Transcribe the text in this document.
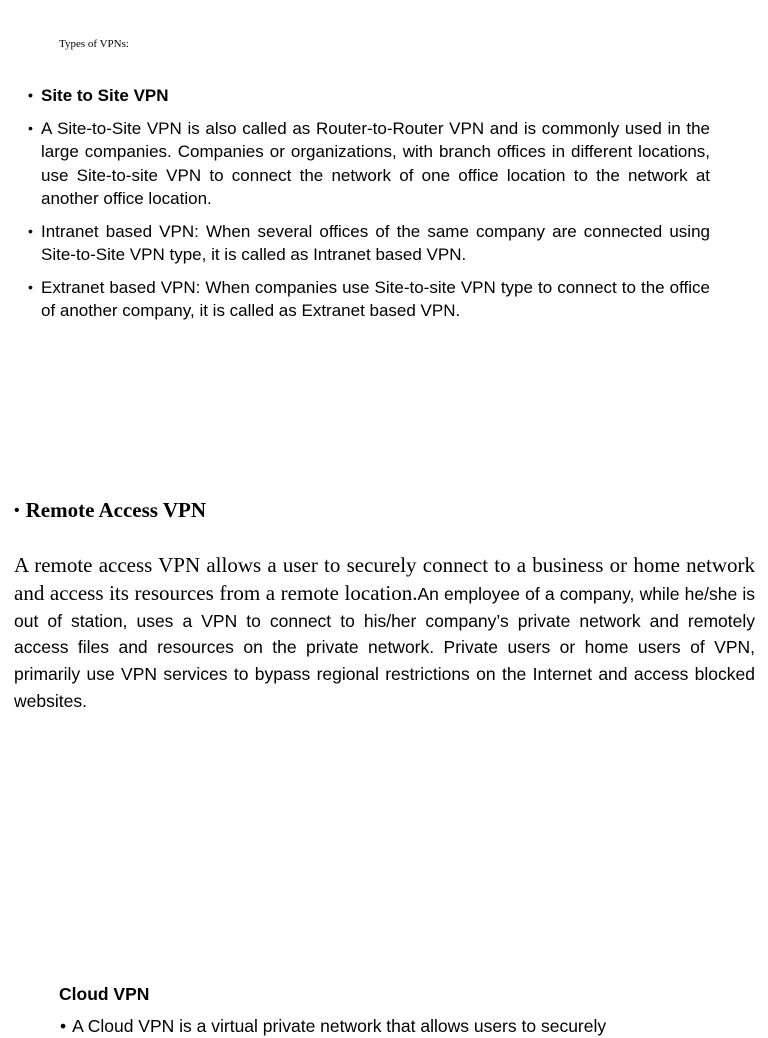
Types of VPNs:
• Site to Site VPN
• A Site-to-Site VPN is also called as Router-to-Router VPN and is commonly used in the large companies. Companies or organizations, with branch offices in different locations, use Site-to-site VPN to connect the network of one office location to the network at another office location.
• Intranet based VPN: When several offices of the same company are connected using Site-to-Site VPN type, it is called as Intranet based VPN.
• Extranet based VPN: When companies use Site-to-site VPN type to connect to the office of another company, it is called as Extranet based VPN.
• Remote Access VPN
A remote access VPN allows a user to securely connect to a business or home network and access its resources from a remote location.An employee of a company, while he/she is out of station, uses a VPN to connect to his/her company’s private network and remotely access files and resources on the private network. Private users or home users of VPN, primarily use VPN services to bypass regional restrictions on the Internet and access blocked websites.
Cloud VPN
• A Cloud VPN is a virtual private network that allows users to securely
